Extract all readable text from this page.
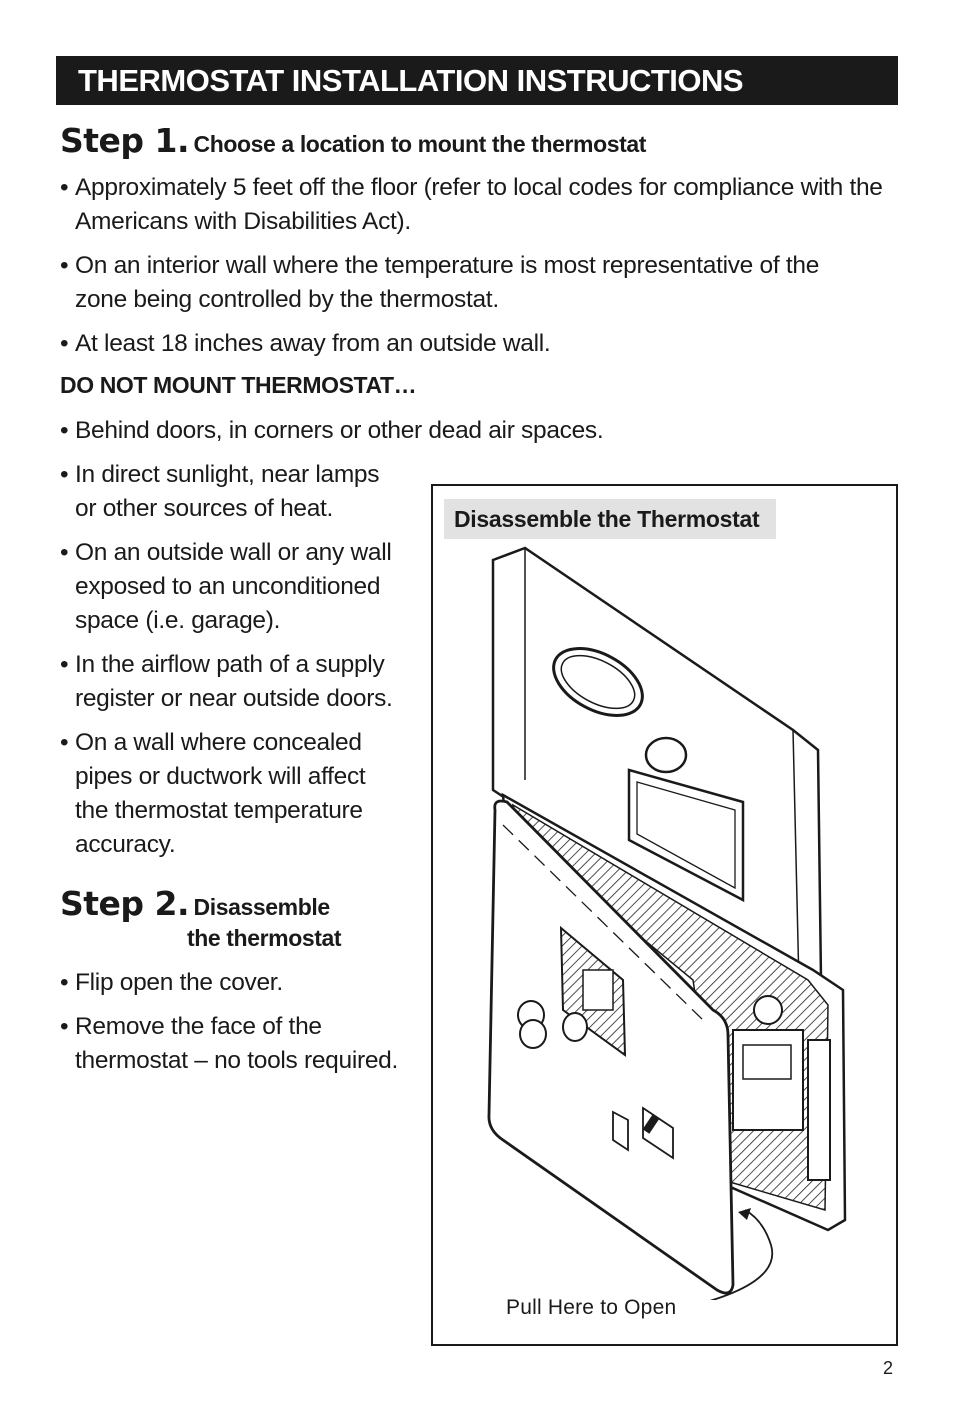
THERMOSTAT INSTALLATION INSTRUCTIONS
Step 1. Choose a location to mount the thermostat
• Approximately 5 feet off the floor (refer to local codes for compliance with the Americans with Disabilities Act).
• On an interior wall where the temperature is most representative of the zone being controlled by the thermostat.
• At least 18 inches away from an outside wall.
DO NOT MOUNT THERMOSTAT…
• Behind doors, in corners or other dead air spaces.
• In direct sunlight, near lamps or other sources of heat.
• On an outside wall or any wall exposed to an unconditioned space (i.e. garage).
• In the airflow path of a supply register or near outside doors.
• On a wall where concealed pipes or ductwork will affect the thermostat temperature accuracy.
Step 2. Disassemble
the thermostat
• Flip open the cover.
• Remove the face of the thermostat – no tools required.
Disassemble the Thermostat
Pull Here to Open
2
